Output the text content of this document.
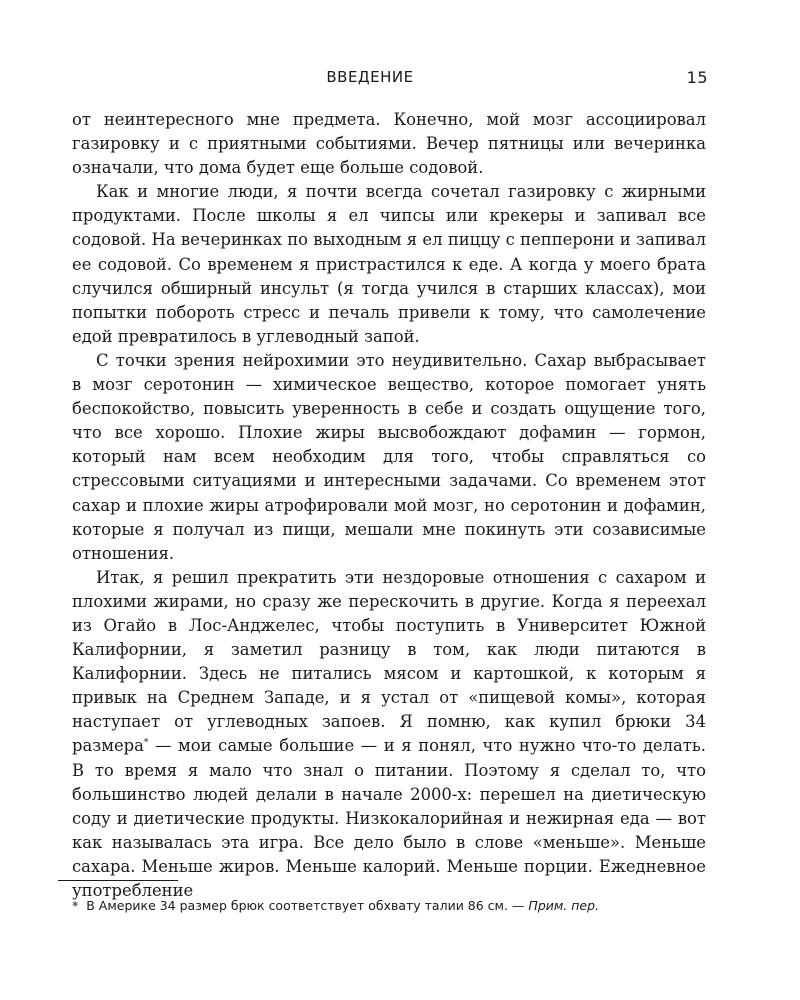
ВВЕДЕНИЕ	15

от неинтересного мне предмета. Конечно, мой мозг ассоциировал газировку и с приятными событиями. Вечер пятницы или вечеринка означали, что дома будет еще больше содовой.

Как и многие люди, я почти всегда сочетал газировку с жирными продуктами. После школы я ел чипсы или крекеры и запивал все содовой. На вечеринках по выходным я ел пиццу с пепперони и запивал ее содовой. Со временем я пристрастился к еде. А когда у моего брата случился обширный инсульт (я тогда учился в старших классах), мои попытки побороть стресс и печаль привели к тому, что самолечение едой превратилось в углеводный запой.

С точки зрения нейрохимии это неудивительно. Сахар выбрасывает в мозг серотонин — химическое вещество, которое помогает унять беспокойство, повысить уверенность в себе и создать ощущение того, что все хорошо. Плохие жиры высвобождают дофамин — гормон, который нам всем необходим для того, чтобы справляться со стрессовыми ситуациями и интересными задачами. Со временем этот сахар и плохие жиры атрофировали мой мозг, но серотонин и дофамин, которые я получал из пищи, мешали мне покинуть эти созависимые отношения.

Итак, я решил прекратить эти нездоровые отношения с сахаром и плохими жирами, но сразу же перескочить в другие. Когда я переехал из Огайо в Лос-Анджелес, чтобы поступить в Университет Южной Калифорнии, я заметил разницу в том, как люди питаются в Калифорнии. Здесь не питались мясом и картошкой, к которым я привык на Среднем Западе, и я устал от «пищевой комы», которая наступает от углеводных запоев. Я помню, как купил брюки 34 размера* — мои самые большие — и я понял, что нужно что-то делать. В то время я мало что знал о питании. Поэтому я сделал то, что большинство людей делали в начале 2000-х: перешел на диетическую соду и диетические продукты. Низкокалорийная и нежирная еда — вот как называлась эта игра. Все дело было в слове «меньше». Меньше сахара. Меньше жиров. Меньше калорий. Меньше порции. Ежедневное употребление

* В Америке 34 размер брюк соответствует обхвату талии 86 см. — Прим. пер.
